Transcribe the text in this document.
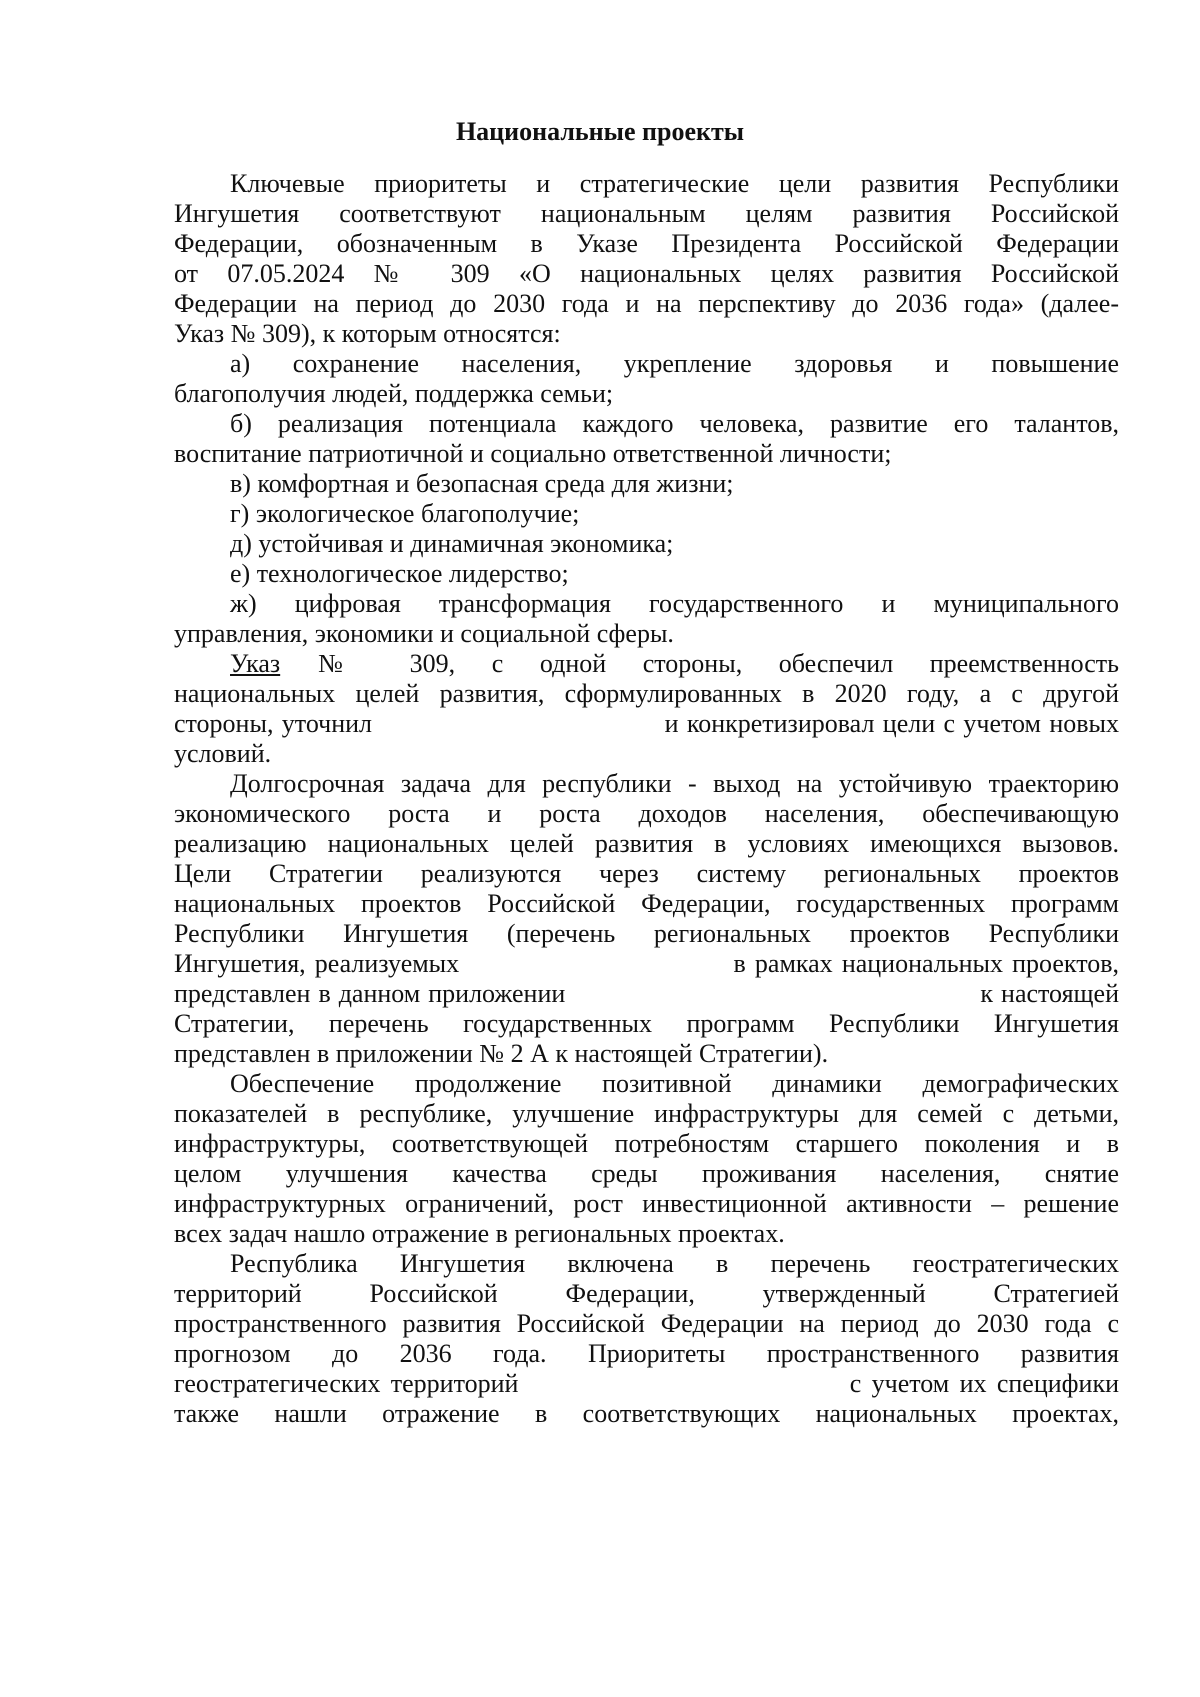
Национальные проекты
Ключевые приоритеты и стратегические цели развития Республики
Ингушетия соответствуют национальным целям развития Российской
Федерации, обозначенным в Указе Президента Российской Федерации
от 07.05.2024 № 309 «О национальных целях развития Российской
Федерации на период до 2030 года и на перспективу до 2036 года» (далее-
Указ № 309), к которым относятся:
а) сохранение населения, укрепление здоровья и повышение
благополучия людей, поддержка семьи;
б) реализация потенциала каждого человека, развитие его талантов,
воспитание патриотичной и социально ответственной личности;
в) комфортная и безопасная среда для жизни;
г) экологическое благополучие;
д) устойчивая и динамичная экономика;
е) технологическое лидерство;
ж) цифровая трансформация государственного и муниципального
управления, экономики и социальной сферы.
Указ № 309, с одной стороны, обеспечил преемственность
национальных целей развития, сформулированных в 2020 году, а с другой
стороны, уточнил                                   и конкретизировал цели с учетом новых
условий.
Долгосрочная задача для республики - выход на устойчивую траекторию
экономического роста и роста доходов населения, обеспечивающую
реализацию национальных целей развития в условиях имеющихся вызовов.
Цели Стратегии реализуются через систему региональных проектов
национальных проектов Российской Федерации, государственных программ
Республики Ингушетия (перечень региональных проектов Республики
Ингушетия, реализуемых                              в рамках национальных проектов,
представлен в данном приложении                                                    к настоящей
Стратегии, перечень государственных программ Республики Ингушетия
представлен в приложении № 2 А к настоящей Стратегии).
Обеспечение продолжение позитивной динамики демографических
показателей в республике, улучшение инфраструктуры для семей с детьми,
инфраструктуры, соответствующей потребностям старшего поколения и в
целом улучшения качества среды проживания населения, снятие
инфраструктурных ограничений, рост инвестиционной активности – решение
всех задач нашло отражение в региональных проектах.
Республика Ингушетия включена в перечень геостратегических
территорий Российской Федерации, утвержденный Стратегией
пространственного развития Российской Федерации на период до 2030 года с
прогнозом до 2036 года. Приоритеты пространственного развития
геостратегических территорий                                с учетом их специфики
также нашли отражение в соответствующих национальных проектах,
